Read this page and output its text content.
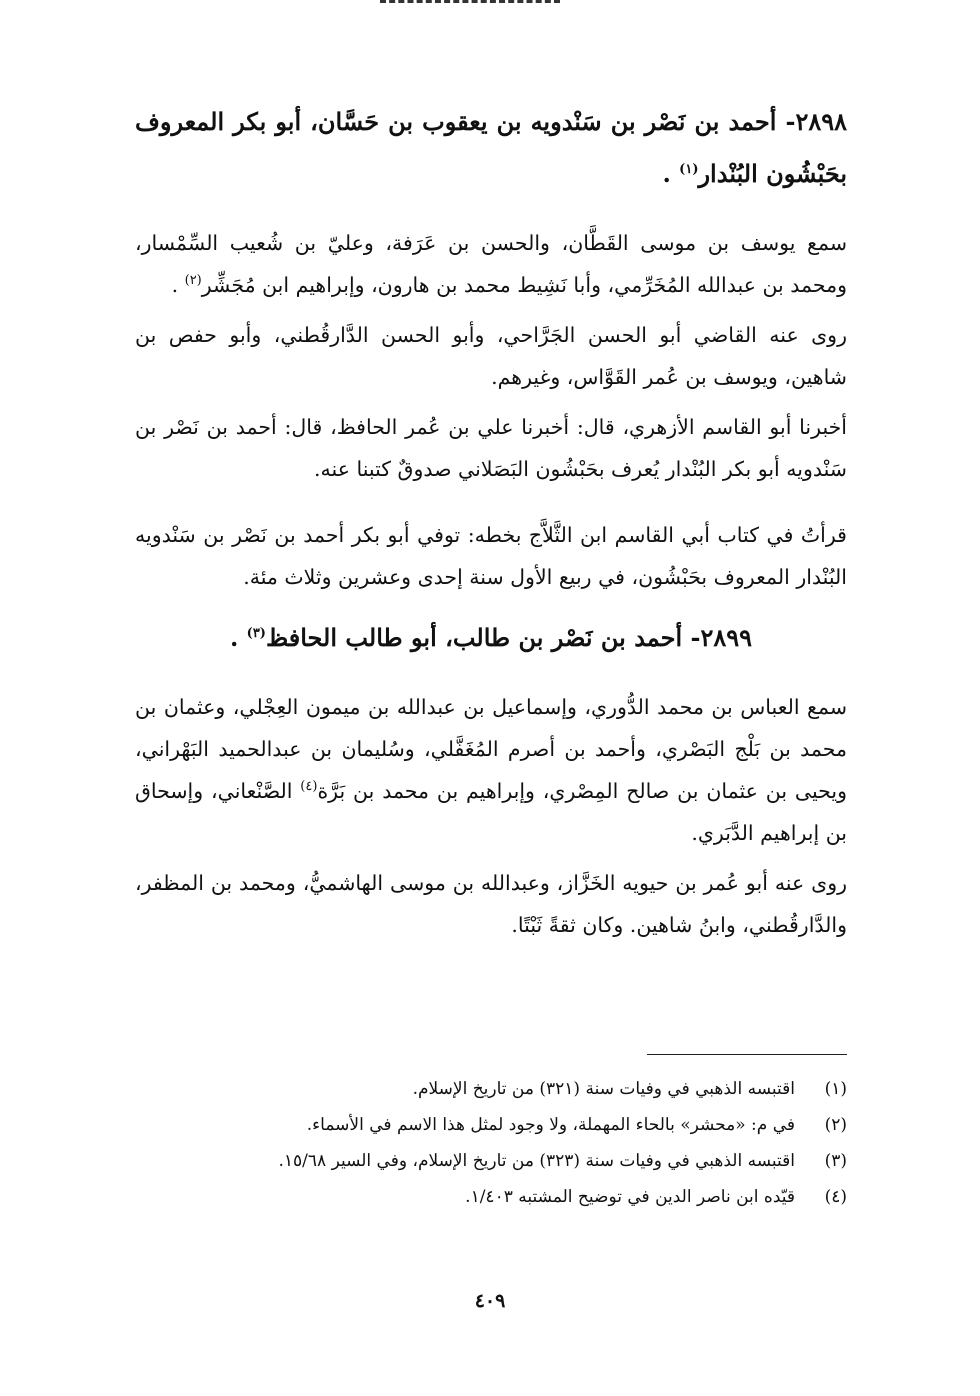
٢٨٩٨- أحمد بن نَصْر بن سَنْدويه بن يعقوب بن حَسَّان، أبو بكر المعروف بحَبْشُون البُنْدار$^{(١)}$ .

سمع يوسف بن موسى القَطَّان، والحسن بن عَرَفة، وعليّ بن شُعيب السِّمْسار، ومحمد بن عبدالله المُخَرِّمي، وأبا نَشِيط محمد بن هارون، وإبراهيم ابن مُجَشِّر$^{(٢)}$ .

روى عنه القاضي أبو الحسن الجَرَّاحي، وأبو الحسن الدَّارقُطني، وأبو حفص بن شاهين، ويوسف بن عُمر القَوَّاس، وغيرهم.

أخبرنا أبو القاسم الأزهري، قال: أخبرنا علي بن عُمر الحافظ، قال: أحمد بن نَصْر بن سَنْدويه أبو بكر البُنْدار يُعرف بحَبْشُون البَصَلاني صدوقٌ كتبنا عنه.

قرأتُ في كتاب أبي القاسم ابن الثَّلاَّج بخطه: توفي أبو بكر أحمد بن نَصْر بن سَنْدويه البُنْدار المعروف بحَبْشُون، في ربيع الأول سنة إحدى وعشرين وثلاث مئة.

٢٨٩٩- أحمد بن نَصْر بن طالب، أبو طالب الحافظ$^{(٣)}$ .

سمع العباس بن محمد الدُّوري، وإسماعيل بن عبدالله بن ميمون العِجْلي، وعثمان بن محمد بن بَلْج البَصْري، وأحمد بن أصرم المُغَفَّلي، وسُليمان بن عبدالحميد البَهْراني، ويحيى بن عثمان بن صالح المِصْري، وإبراهيم بن محمد بن بَرَّة$^{(٤)}$ الصَّنْعاني، وإسحاق بن إبراهيم الدَّبَري.

روى عنه أبو عُمر بن حيويه الخَزَّاز، وعبدالله بن موسى الهاشميُّ، ومحمد بن المظفر، والدَّارقُطني، وابنُ شاهين. وكان ثقةً ثَبْتًا.

(١)
اقتبسه الذهبي في وفيات سنة (٣٢١) من تاريخ الإسلام.
(٢)
في م: «محشر» بالحاء المهملة، ولا وجود لمثل هذا الاسم في الأسماء.
(٣)
اقتبسه الذهبي في وفيات سنة (٣٢٣) من تاريخ الإسلام، وفي السير ١٥/٦٨.
(٤)
قيّده ابن ناصر الدين في توضيح المشتبه ١/٤٠٣.
٤٠٩
